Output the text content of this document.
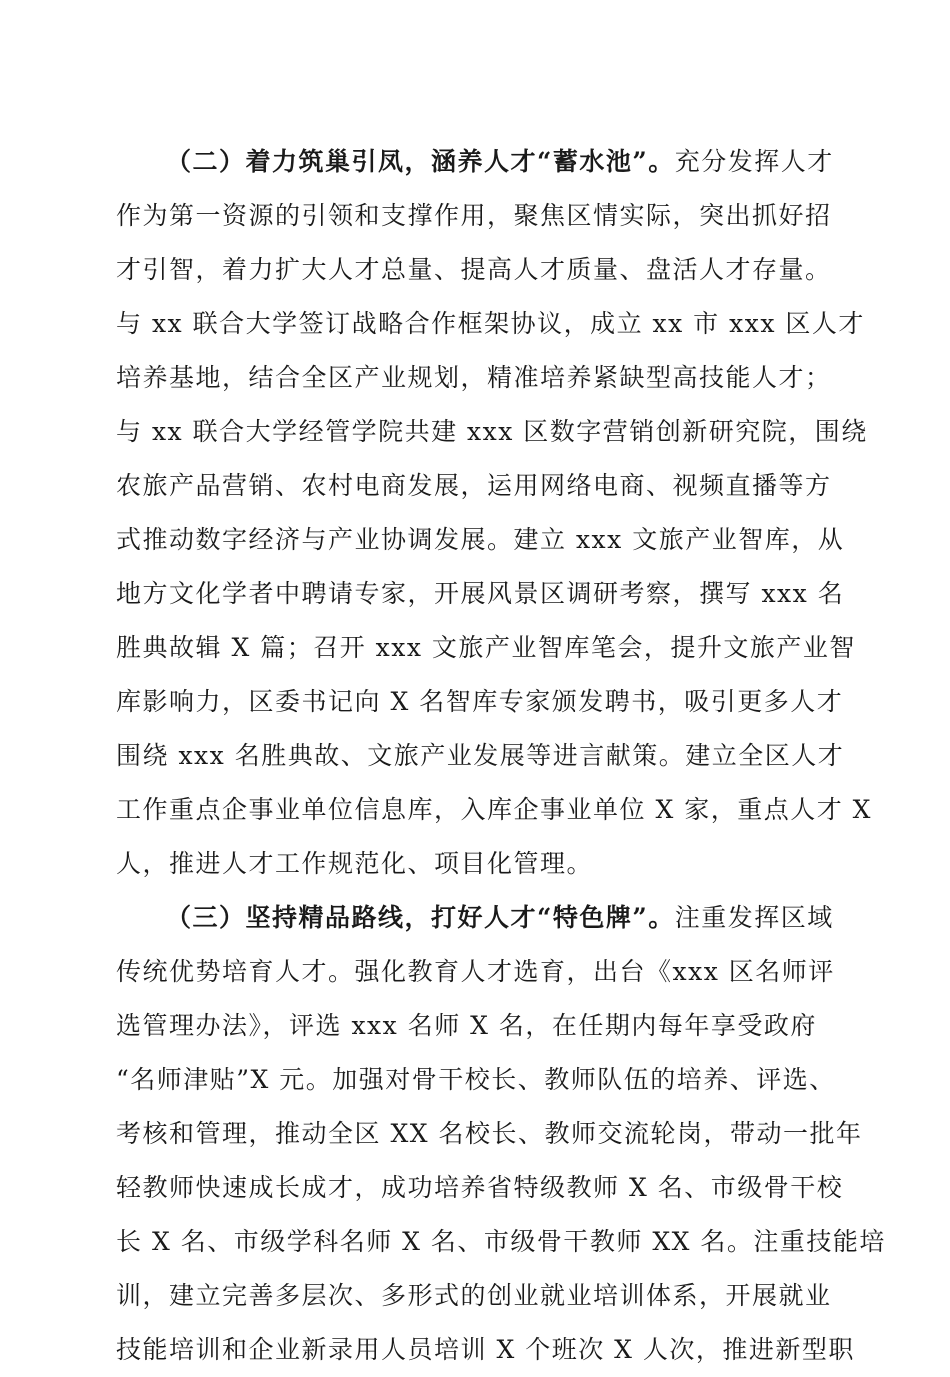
（二）着力筑巢引凤，涵养人才“蓄水池”。充分发挥人才
作为第一资源的引领和支撑作用，聚焦区情实际，突出抓好招
才引智，着力扩大人才总量、提高人才质量、盘活人才存量。
与 xx 联合大学签订战略合作框架协议，成立 xx 市 xxx 区人才
培养基地，结合全区产业规划，精准培养紧缺型高技能人才；
与 xx 联合大学经管学院共建 xxx 区数字营销创新研究院，围绕
农旅产品营销、农村电商发展，运用网络电商、视频直播等方
式推动数字经济与产业协调发展。建立 xxx 文旅产业智库，从
地方文化学者中聘请专家，开展风景区调研考察，撰写 xxx 名
胜典故辑 X 篇；召开 xxx 文旅产业智库笔会，提升文旅产业智
库影响力，区委书记向 X 名智库专家颁发聘书，吸引更多人才
围绕 xxx 名胜典故、文旅产业发展等进言献策。建立全区人才
工作重点企事业单位信息库，入库企事业单位 X 家，重点人才 X
人，推进人才工作规范化、项目化管理。
（三）坚持精品路线，打好人才“特色牌”。注重发挥区域
传统优势培育人才。强化教育人才选育，出台《xxx 区名师评
选管理办法》，评选 xxx 名师 X 名，在任期内每年享受政府
“名师津贴”X 元。加强对骨干校长、教师队伍的培养、评选、
考核和管理，推动全区 XX 名校长、教师交流轮岗，带动一批年
轻教师快速成长成才，成功培养省特级教师 X 名、市级骨干校
长 X 名、市级学科名师 X 名、市级骨干教师 XX 名。注重技能培
训，建立完善多层次、多形式的创业就业培训体系，开展就业
技能培训和企业新录用人员培训 X 个班次 X 人次，推进新型职
